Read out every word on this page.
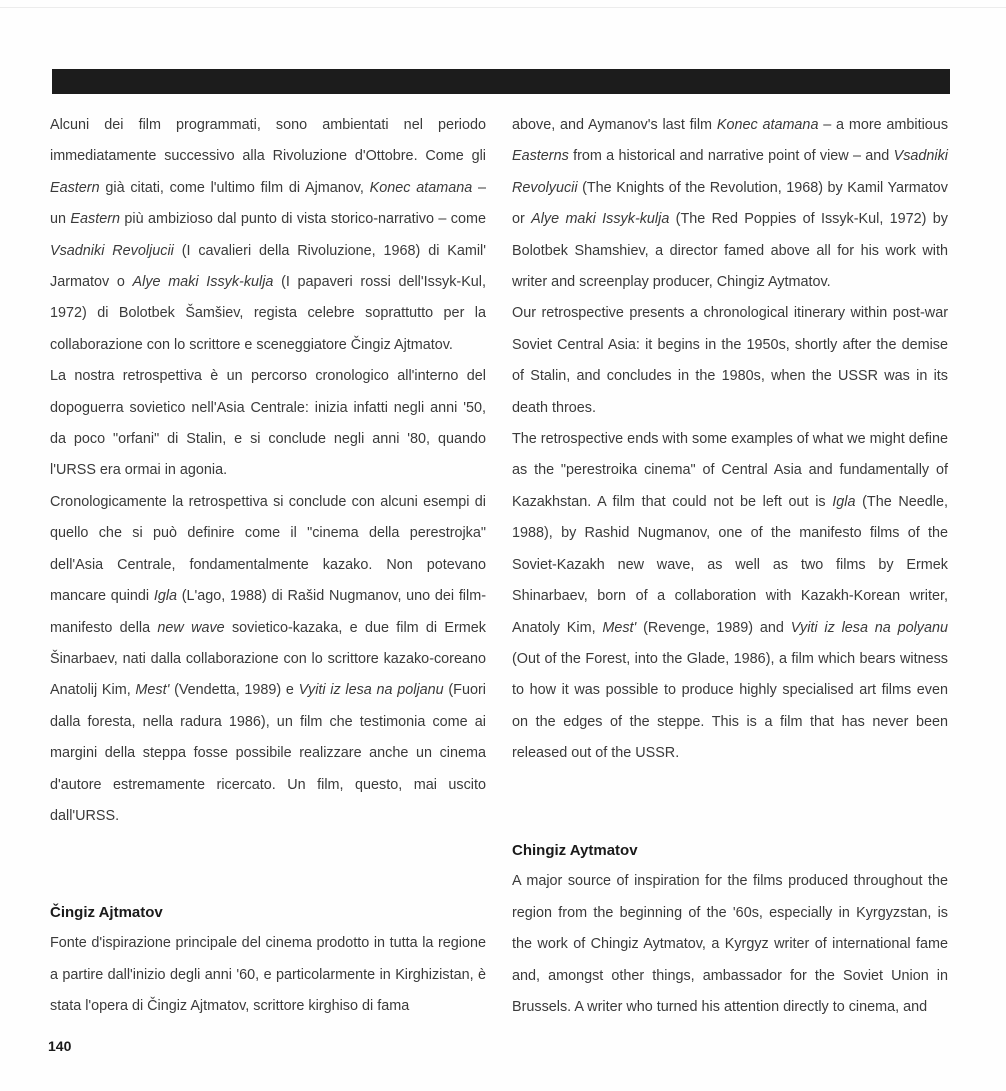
Alcuni dei film programmati, sono ambientati nel periodo immediatamente successivo alla Rivoluzione d'Ottobre. Come gli Eastern già citati, come l'ultimo film di Ajmanov, Konec atamana – un Eastern più ambizioso dal punto di vista storico-narrativo – come Vsadniki Revoljucii (I cavalieri della Rivoluzione, 1968) di Kamil' Jarmatov o Alye maki Issyk-kulja (I papaveri rossi dell'Issyk-Kul, 1972) di Bolotbek Šamšiev, regista celebre soprattutto per la collaborazione con lo scrittore e sceneggiatore Čingiz Ajtmatov.

La nostra retrospettiva è un percorso cronologico all'interno del dopoguerra sovietico nell'Asia Centrale: inizia infatti negli anni '50, da poco "orfani" di Stalin, e si conclude negli anni '80, quando l'URSS era ormai in agonia.

Cronologicamente la retrospettiva si conclude con alcuni esempi di quello che si può definire come il "cinema della perestrojka" dell'Asia Centrale, fondamentalmente kazako. Non potevano mancare quindi Igla (L'ago, 1988) di Rašid Nugmanov, uno dei film-manifesto della new wave sovietico-kazaka, e due film di Ermek Šinarbaev, nati dalla collaborazione con lo scrittore kazako-coreano Anatolij Kim, Mest' (Vendetta, 1989) e Vyiti iz lesa na poljanu (Fuori dalla foresta, nella radura 1986), un film che testimonia come ai margini della steppa fosse possibile realizzare anche un cinema d'autore estremamente ricercato. Un film, questo, mai uscito dall'URSS.

Čingiz Ajtmatov

Fonte d'ispirazione principale del cinema prodotto in tutta la regione a partire dall'inizio degli anni '60, e particolarmente in Kirghizistan, è stata l'opera di Čingiz Ajtmatov, scrittore kirghiso di fama

above, and Aymanov's last film Konec atamana – a more ambitious Easterns from a historical and narrative point of view – and Vsadniki Revolyucii (The Knights of the Revolution, 1968) by Kamil Yarmatov or Alye maki Issyk-kulja (The Red Poppies of Issyk-Kul, 1972) by Bolotbek Shamshiev, a director famed above all for his work with writer and screenplay producer, Chingiz Aytmatov.

Our retrospective presents a chronological itinerary within post-war Soviet Central Asia: it begins in the 1950s, shortly after the demise of Stalin, and concludes in the 1980s, when the USSR was in its death throes.

The retrospective ends with some examples of what we might define as the "perestroika cinema" of Central Asia and fundamentally of Kazakhstan. A film that could not be left out is Igla (The Needle, 1988), by Rashid Nugmanov, one of the manifesto films of the Soviet-Kazakh new wave, as well as two films by Ermek Shinarbaev, born of a collaboration with Kazakh-Korean writer, Anatoly Kim, Mest' (Revenge, 1989) and Vyiti iz lesa na polyanu (Out of the Forest, into the Glade, 1986), a film which bears witness to how it was possible to produce highly specialised art films even on the edges of the steppe. This is a film that has never been released out of the USSR.

Chingiz Aytmatov

A major source of inspiration for the films produced throughout the region from the beginning of the '60s, especially in Kyrgyzstan, is the work of Chingiz Aytmatov, a Kyrgyz writer of international fame and, amongst other things, ambassador for the Soviet Union in Brussels. A writer who turned his attention directly to cinema, and

140
